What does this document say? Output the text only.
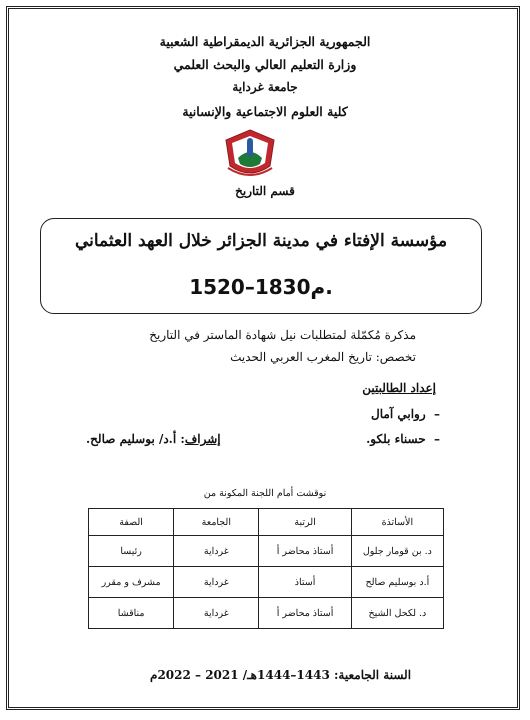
الجمهورية الجزائرية الديمقراطية الشعبية
وزارة التعليم العالي والبحث العلمي
جامعة غرداية
كلية العلوم الاجتماعية والإنسانية
قسم التاريخ
مؤسسة الإفتاء في مدينة الجزائر خلال العهد العثماني
1520–1830م.
مذكرة مُكمّلة لمتطلبات نيل شهادة الماستر في التاريخ
تخصص: تاريخ المغرب العربي الحديث
إعداد الطالبتين
–  روابي آمال
–  حسناء بلكو.
إشراف: أ.د/ بوسليم صالح.
نوقشت أمام اللجنة المكونة من
الأساتذة	الرتبة	الجامعة	الصفة
د. بن قومار جلول	أستاذ محاضر أ	غرداية	رئيسا
أ.د بوسليم صالح	أستاذ	غرداية	مشرف و مقرر
د. لكحل الشيخ	أستاذ محاضر أ	غرداية	مناقشا
السنة الجامعية: 1443–1444هـ/ 2021 – 2022م
